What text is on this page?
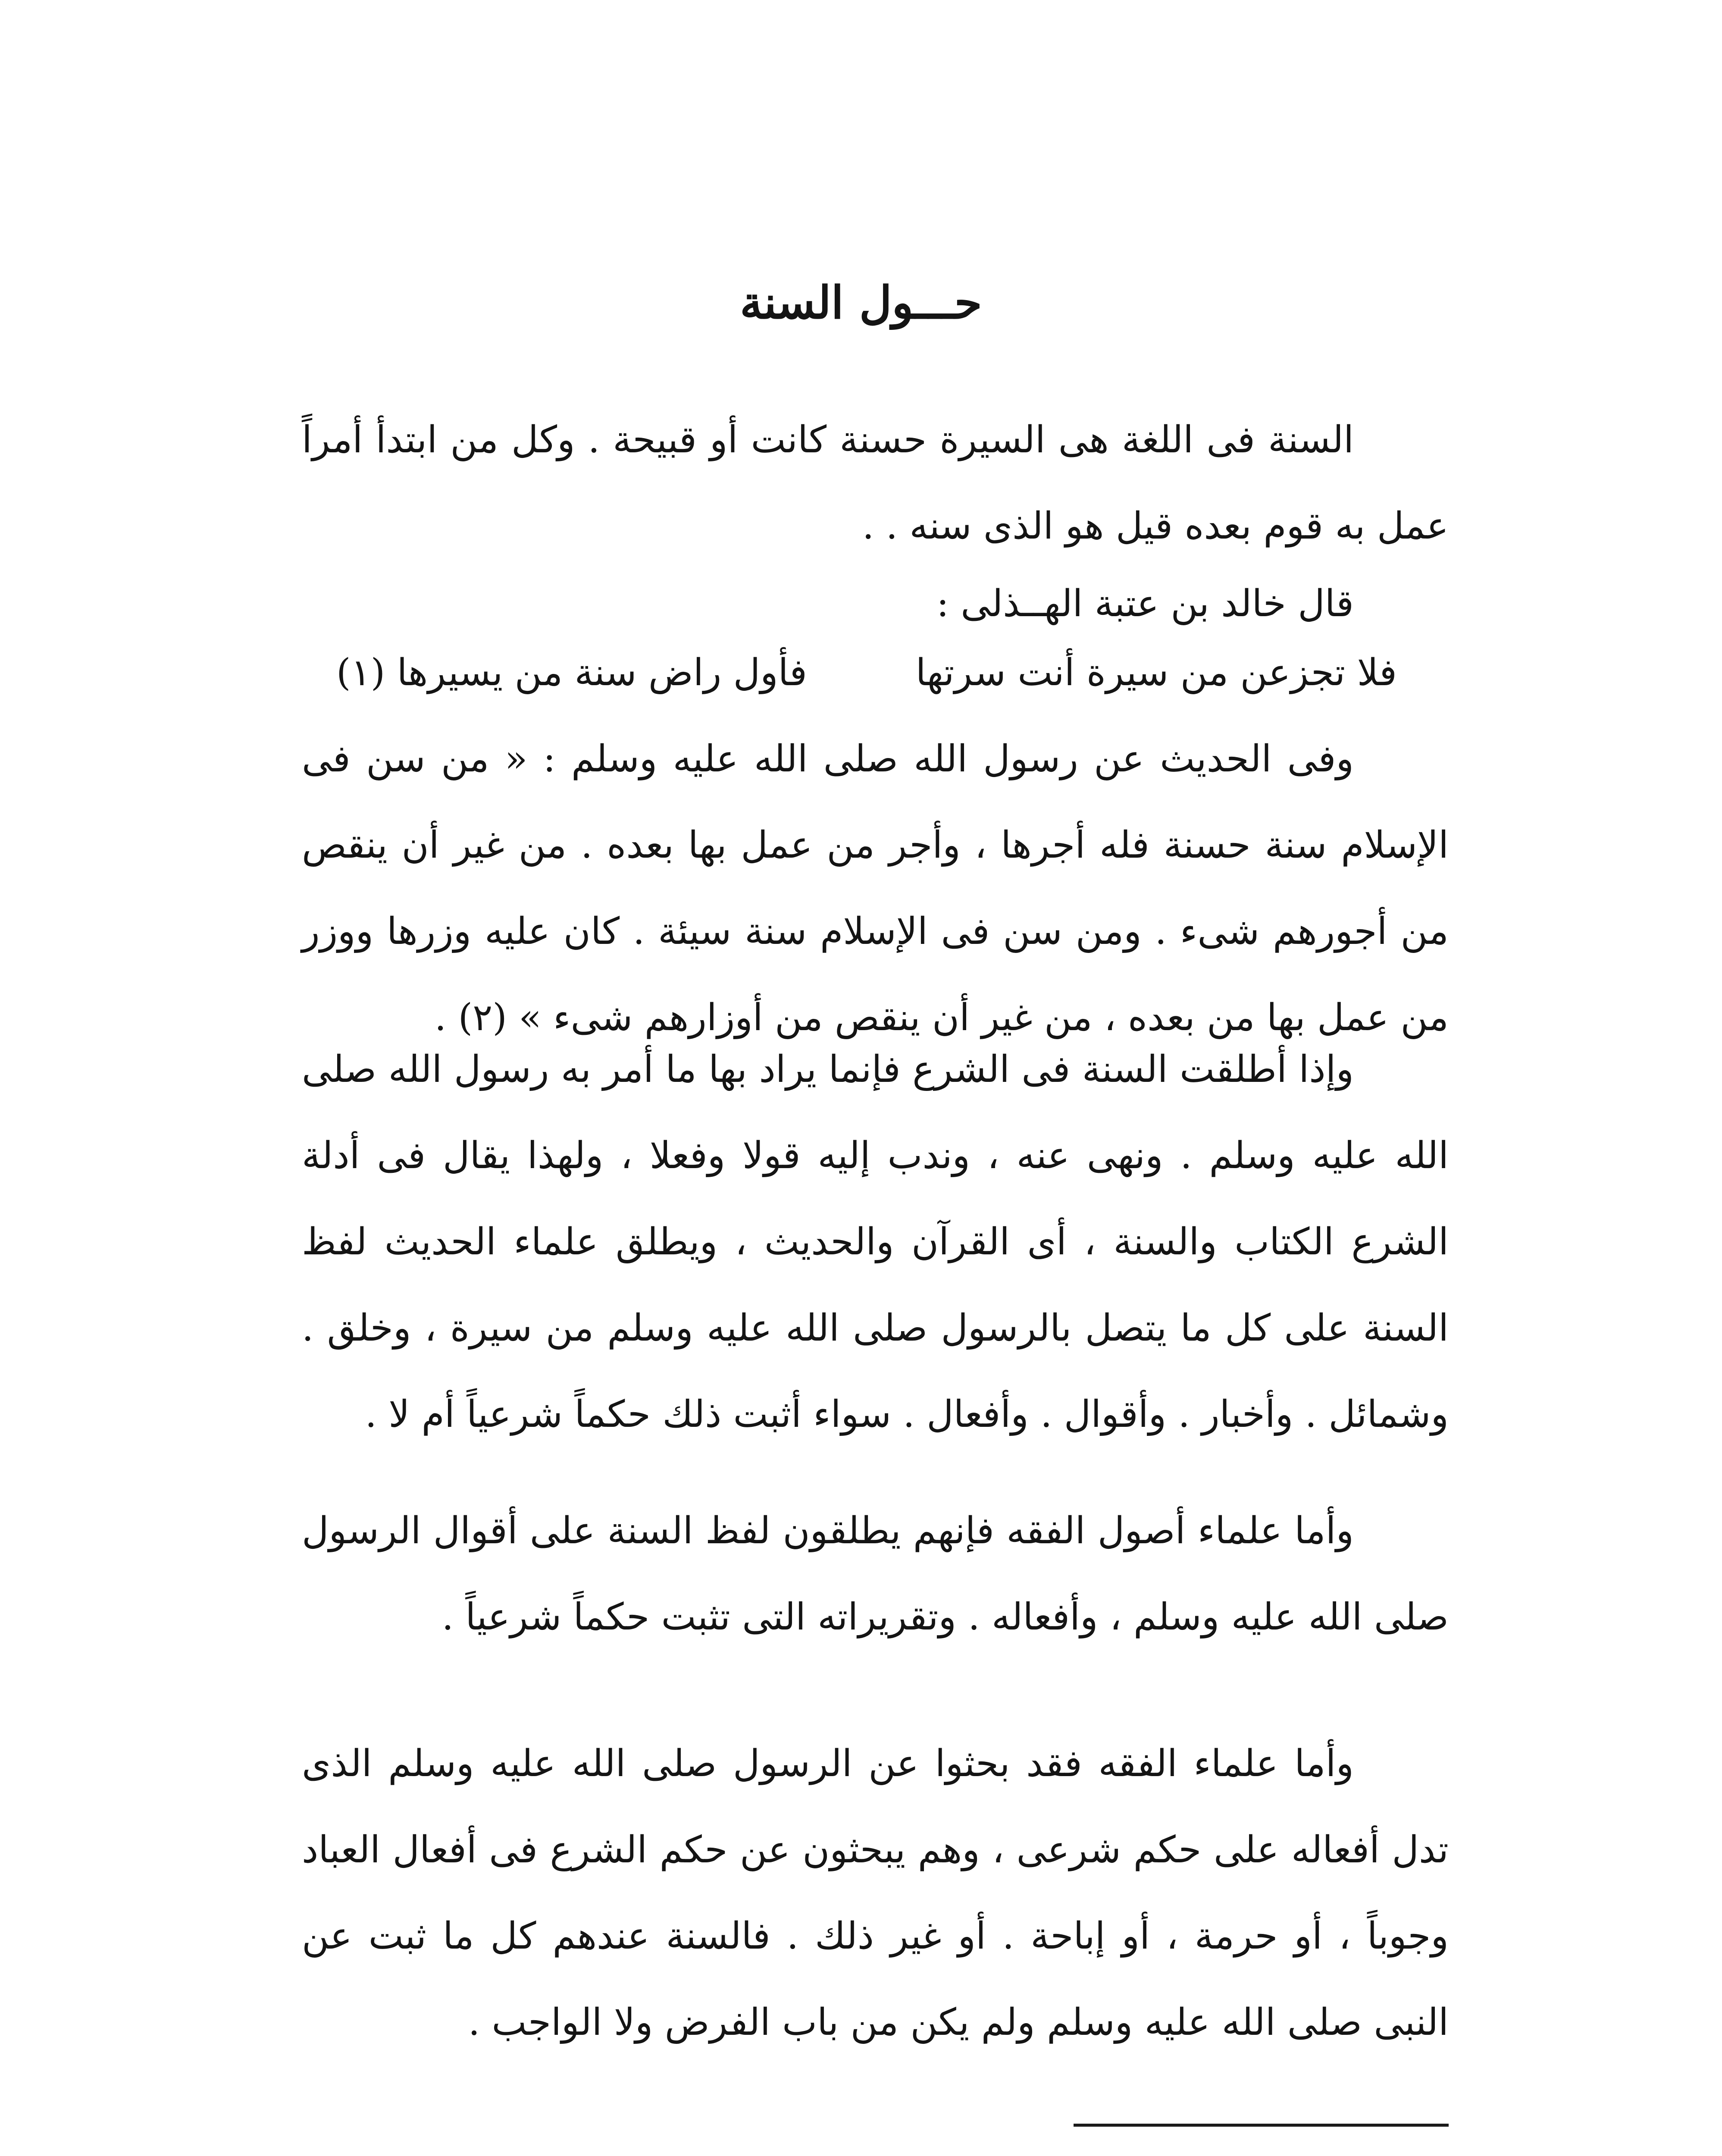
حـــول السنة

السنة فى اللغة هى السيرة حسنة كانت أو قبيحة . وكل من ابتدأ أمراً عمل به قوم بعده قيل هو الذى سنه . .

قال خالد بن عتبة الهــذلى :
فلا تجزعن من سيرة أنت سرتها
فأول راض سنة من يسيرها (١)

وفى الحديث عن رسول الله صلى الله عليه وسلم : « من سن فى الإسلام سنة حسنة فله أجرها ، وأجر من عمل بها بعده . من غير أن ينقص من أجورهم شىء . ومن سن فى الإسلام سنة سيئة . كان عليه وزرها ووزر من عمل بها من بعده ، من غير أن ينقص من أوزارهم شىء » (٢) .

وإذا أطلقت السنة فى الشرع فإنما يراد بها ما أمر به رسول الله صلى الله عليه وسلم . ونهى عنه ، وندب إليه قولا وفعلا ، ولهذا يقال فى أدلة الشرع الكتاب والسنة ، أى القرآن والحديث ، ويطلق علماء الحديث لفظ السنة على كل ما يتصل بالرسول صلى الله عليه وسلم من سيرة ، وخلق . وشمائل . وأخبار . وأقوال . وأفعال . سواء أثبت ذلك حكماً شرعياً أم لا .

وأما علماء أصول الفقه فإنهم يطلقون لفظ السنة على أقوال الرسول صلى الله عليه وسلم ، وأفعاله . وتقريراته التى تثبت حكماً شرعياً .

وأما علماء الفقه فقد بحثوا عن الرسول صلى الله عليه وسلم الذى تدل أفعاله على حكم شرعى ، وهم يبحثون عن حكم الشرع فى أفعال العباد وجوباً ، أو حرمة ، أو إباحة . أو غير ذلك . فالسنة عندهم كل ما ثبت عن النبى صلى الله عليه وسلم ولم يكن من باب الفرض ولا الواجب .
